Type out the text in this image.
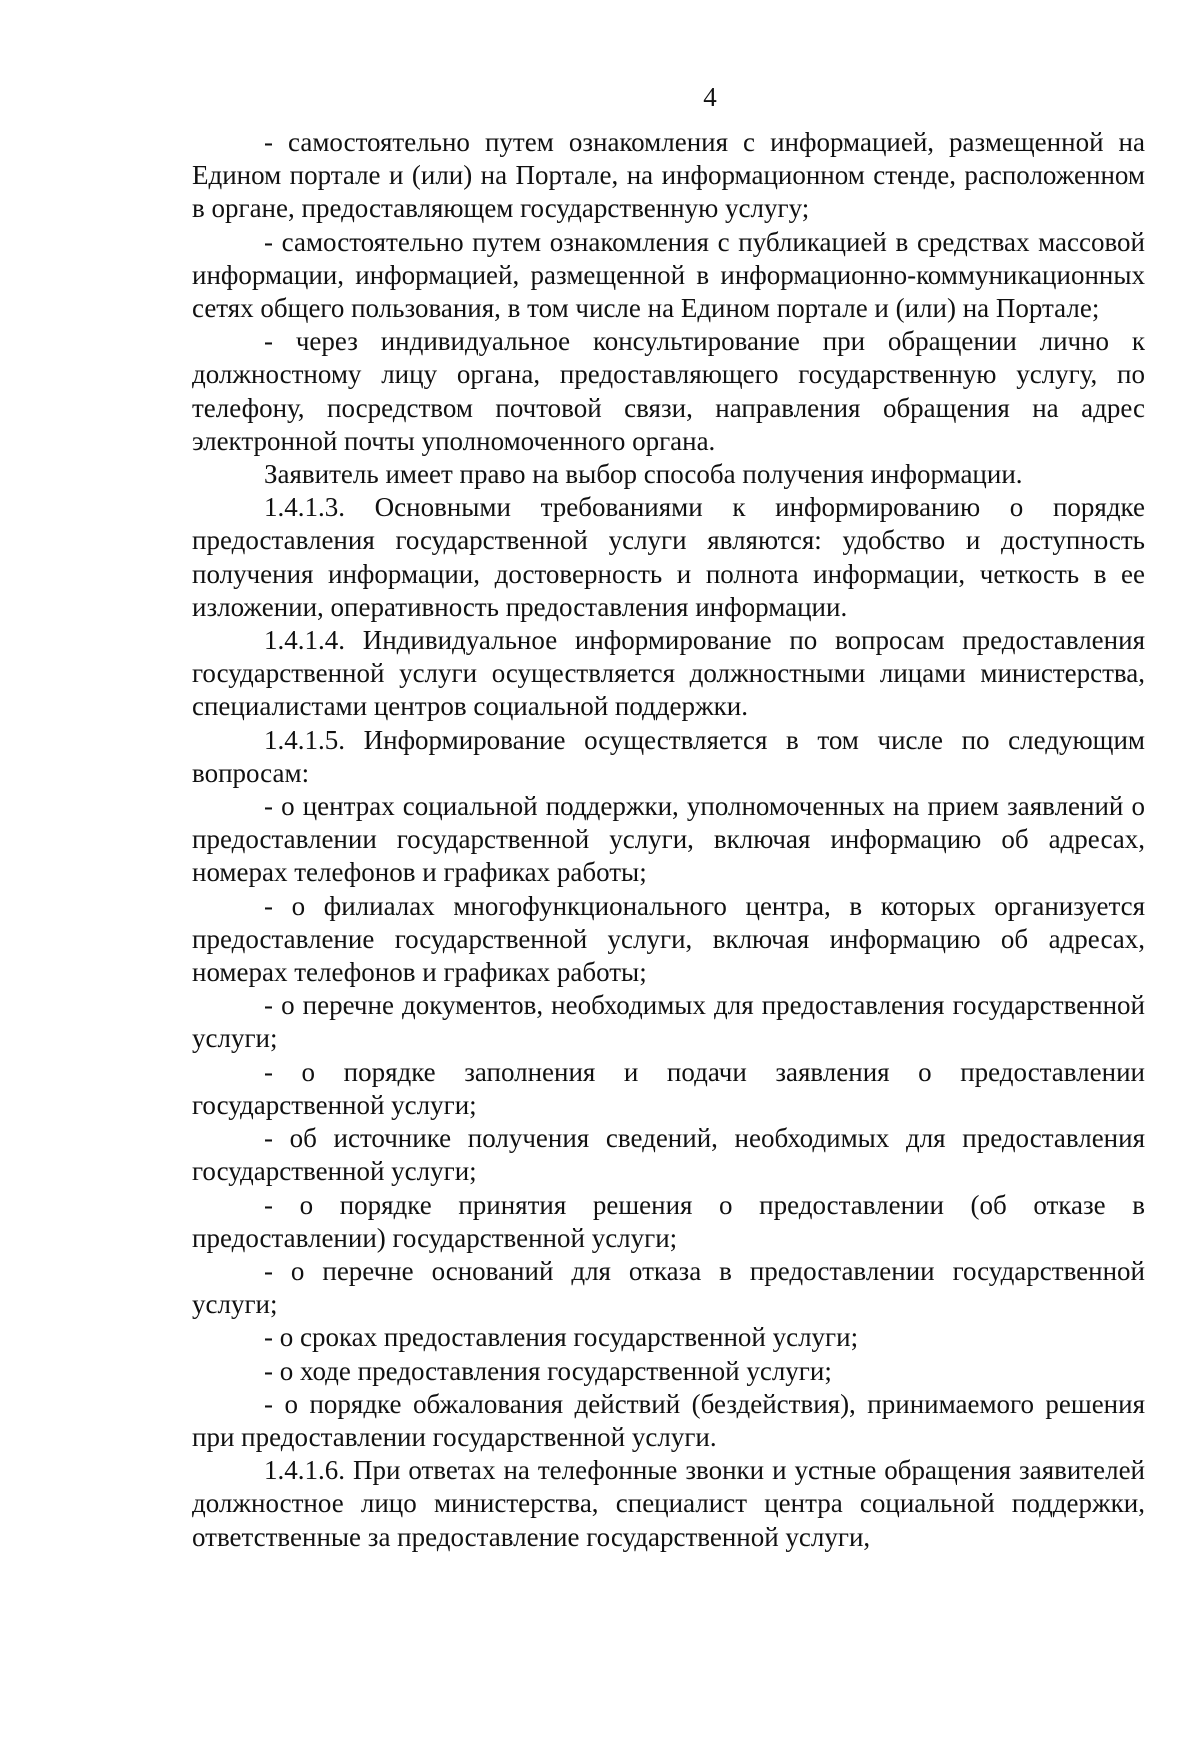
4

- самостоятельно путем ознакомления с информацией, размещенной на Едином портале и (или) на Портале, на информационном стенде, расположенном в органе, предоставляющем государственную услугу;

- самостоятельно путем ознакомления с публикацией в средствах массовой информации, информацией, размещенной в информационно-коммуникационных сетях общего пользования, в том числе на Едином портале и (или) на Портале;

- через индивидуальное консультирование при обращении лично к должностному лицу органа, предоставляющего государственную услугу, по телефону, посредством почтовой связи, направления обращения на адрес электронной почты уполномоченного органа.

Заявитель имеет право на выбор способа получения информации.

1.4.1.3. Основными требованиями к информированию о порядке предоставления государственной услуги являются: удобство и доступность получения информации, достоверность и полнота информации, четкость в ее изложении, оперативность предоставления информации.

1.4.1.4. Индивидуальное информирование по вопросам предоставления государственной услуги осуществляется должностными лицами министерства, специалистами центров социальной поддержки.

1.4.1.5. Информирование осуществляется в том числе по следующим вопросам:

- о центрах социальной поддержки, уполномоченных на прием заявлений о предоставлении государственной услуги, включая информацию об адресах, номерах телефонов и графиках работы;

- о филиалах многофункционального центра, в которых организуется предоставление государственной услуги, включая информацию об адресах, номерах телефонов и графиках работы;

- о перечне документов, необходимых для предоставления государственной услуги;

- о порядке заполнения и подачи заявления о предоставлении государственной услуги;

- об источнике получения сведений, необходимых для предоставления государственной услуги;

- о порядке принятия решения о предоставлении (об отказе в предоставлении) государственной услуги;

- о перечне оснований для отказа в предоставлении государственной услуги;

- о сроках предоставления государственной услуги;

- о ходе предоставления государственной услуги;

- о порядке обжалования действий (бездействия), принимаемого решения при предоставлении государственной услуги.

1.4.1.6. При ответах на телефонные звонки и устные обращения заявителей должностное лицо министерства, специалист центра социальной поддержки, ответственные за предоставление государственной услуги,
